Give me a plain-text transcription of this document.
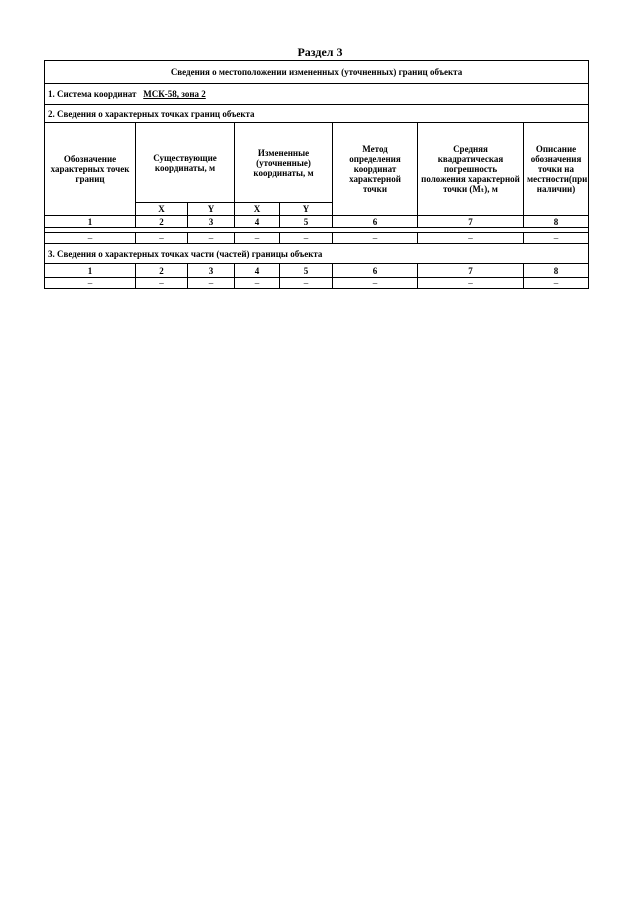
Раздел 3
Сведения о местоположении измененных (уточненных) границ объекта							
1. Система координат МСК-58, зона 2							
2. Сведения о характерных точках границ объекта							
Обозначение характерных точек границ	Существующие координаты, м		Измененные (уточненные) координаты, м		Метод определения координат характерной точки	Средняя квадратическая погрешность положения характерной точки (Mₜ), м	Описание обозначения точки на местности(при наличии)
	X	Y	X	Y			
1	2	3	4	5	6	7	8

–	–	–	–	–	–	–	–
3. Сведения о характерных точках части (частей) границы объекта							
1	2	3	4	5	6	7	8
–	–	–	–	–	–	–	–
